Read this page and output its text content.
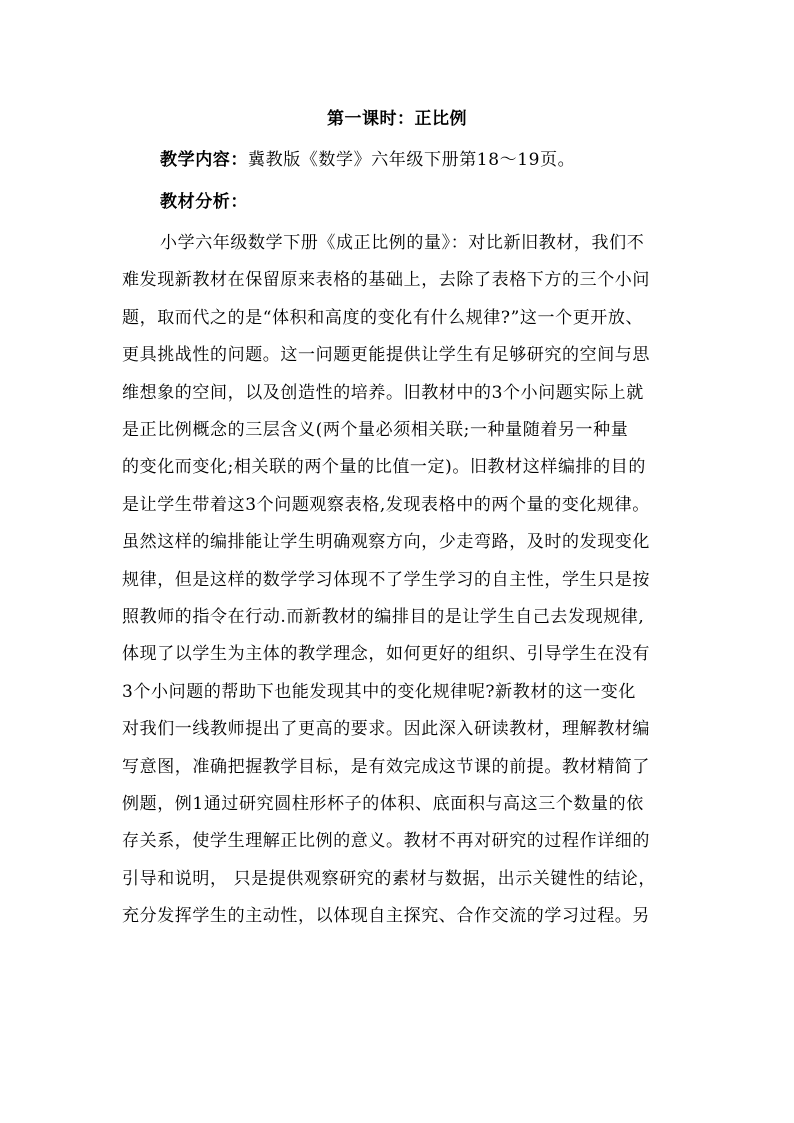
第一课时：正比例
教学内容：冀教版《数学》六年级下册第18～19页。
教材分析：
小学六年级数学下册《成正比例的量》：对比新旧教材，我们不
难发现新教材在保留原来表格的基础上，去除了表格下方的三个小问
题，取而代之的是“体积和高度的变化有什么规律?”这一个更开放、
更具挑战性的问题。这一问题更能提供让学生有足够研究的空间与思
维想象的空间，以及创造性的培养。旧教材中的3个小问题实际上就
是正比例概念的三层含义(两个量必须相关联;一种量随着另一种量
的变化而变化;相关联的两个量的比值一定)。旧教材这样编排的目的
是让学生带着这3个问题观察表格,发现表格中的两个量的变化规律。
虽然这样的编排能让学生明确观察方向，少走弯路，及时的发现变化
规律，但是这样的数学学习体现不了学生学习的自主性，学生只是按
照教师的指令在行动.而新教材的编排目的是让学生自己去发现规律,
体现了以学生为主体的教学理念，如何更好的组织、引导学生在没有
3个小问题的帮助下也能发现其中的变化规律呢?新教材的这一变化
对我们一线教师提出了更高的要求。因此深入研读教材，理解教材编
写意图，准确把握教学目标，是有效完成这节课的前提。教材精简了
例题，例1通过研究圆柱形杯子的体积、底面积与高这三个数量的依
存关系，使学生理解正比例的意义。教材不再对研究的过程作详细的
引导和说明， 只是提供观察研究的素材与数据，出示关键性的结论，
充分发挥学生的主动性，以体现自主探究、合作交流的学习过程。另
